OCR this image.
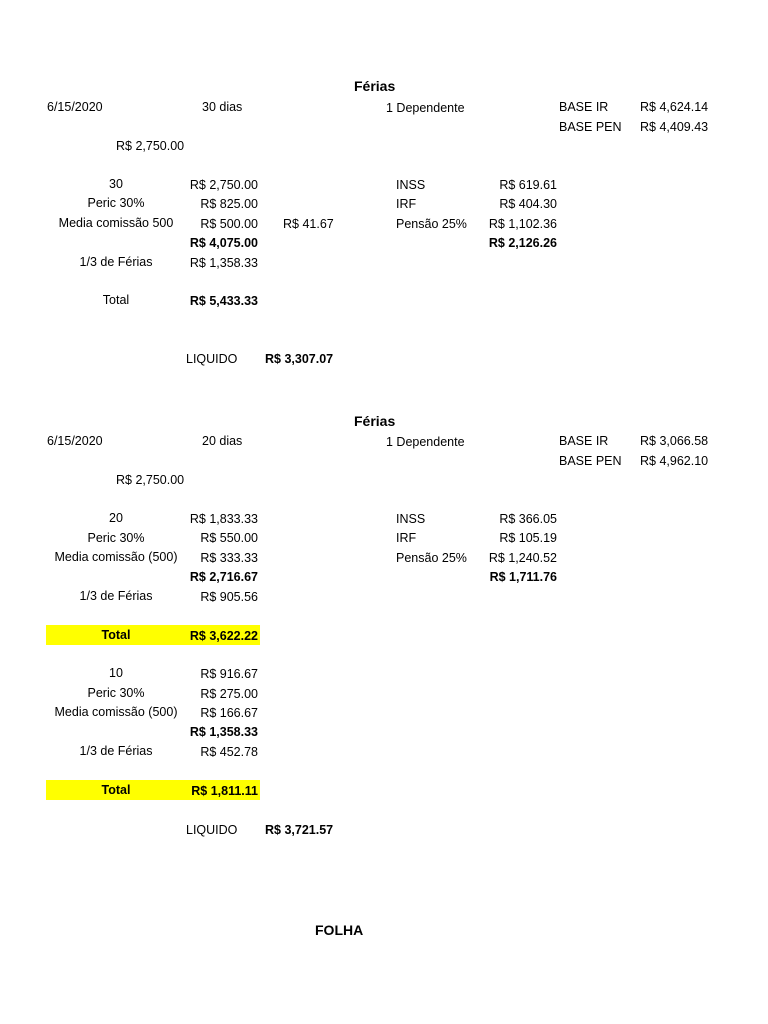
Férias
6/15/2020	30 dias	1 Dependente	BASE IR	R$ 4,624.14
BASE PEN R$ 4,409.43
R$ 2,750.00
30	R$ 2,750.00
Peric 30%	R$ 825.00
Media comissão 500	R$ 500.00 R$ 41.67
R$ 4,075.00
1/3 de Férias	R$ 1,358.33
Total	R$ 5,433.33
INSS	R$ 619.61
IRF	R$ 404.30
Pensão 25%	R$ 1,102.36
R$ 2,126.26
LIQUIDO R$ 3,307.07
Férias
6/15/2020	20 dias	1 Dependente	BASE IR	R$ 3,066.58
BASE PEN R$ 4,962.10
R$ 2,750.00
20	R$ 1,833.33
Peric 30%	R$ 550.00
Media comissão (500)	R$ 333.33
R$ 2,716.67
1/3 de Férias	R$ 905.56
Total	R$ 3,622.22
INSS	R$ 366.05
IRF	R$ 105.19
Pensão 25%	R$ 1,240.52
R$ 1,711.76
10	R$ 916.67
Peric 30%	R$ 275.00
Media comissão (500)	R$ 166.67
R$ 1,358.33
1/3 de Férias	R$ 452.78
Total	R$ 1,811.11
LIQUIDO R$ 3,721.57
FOLHA
